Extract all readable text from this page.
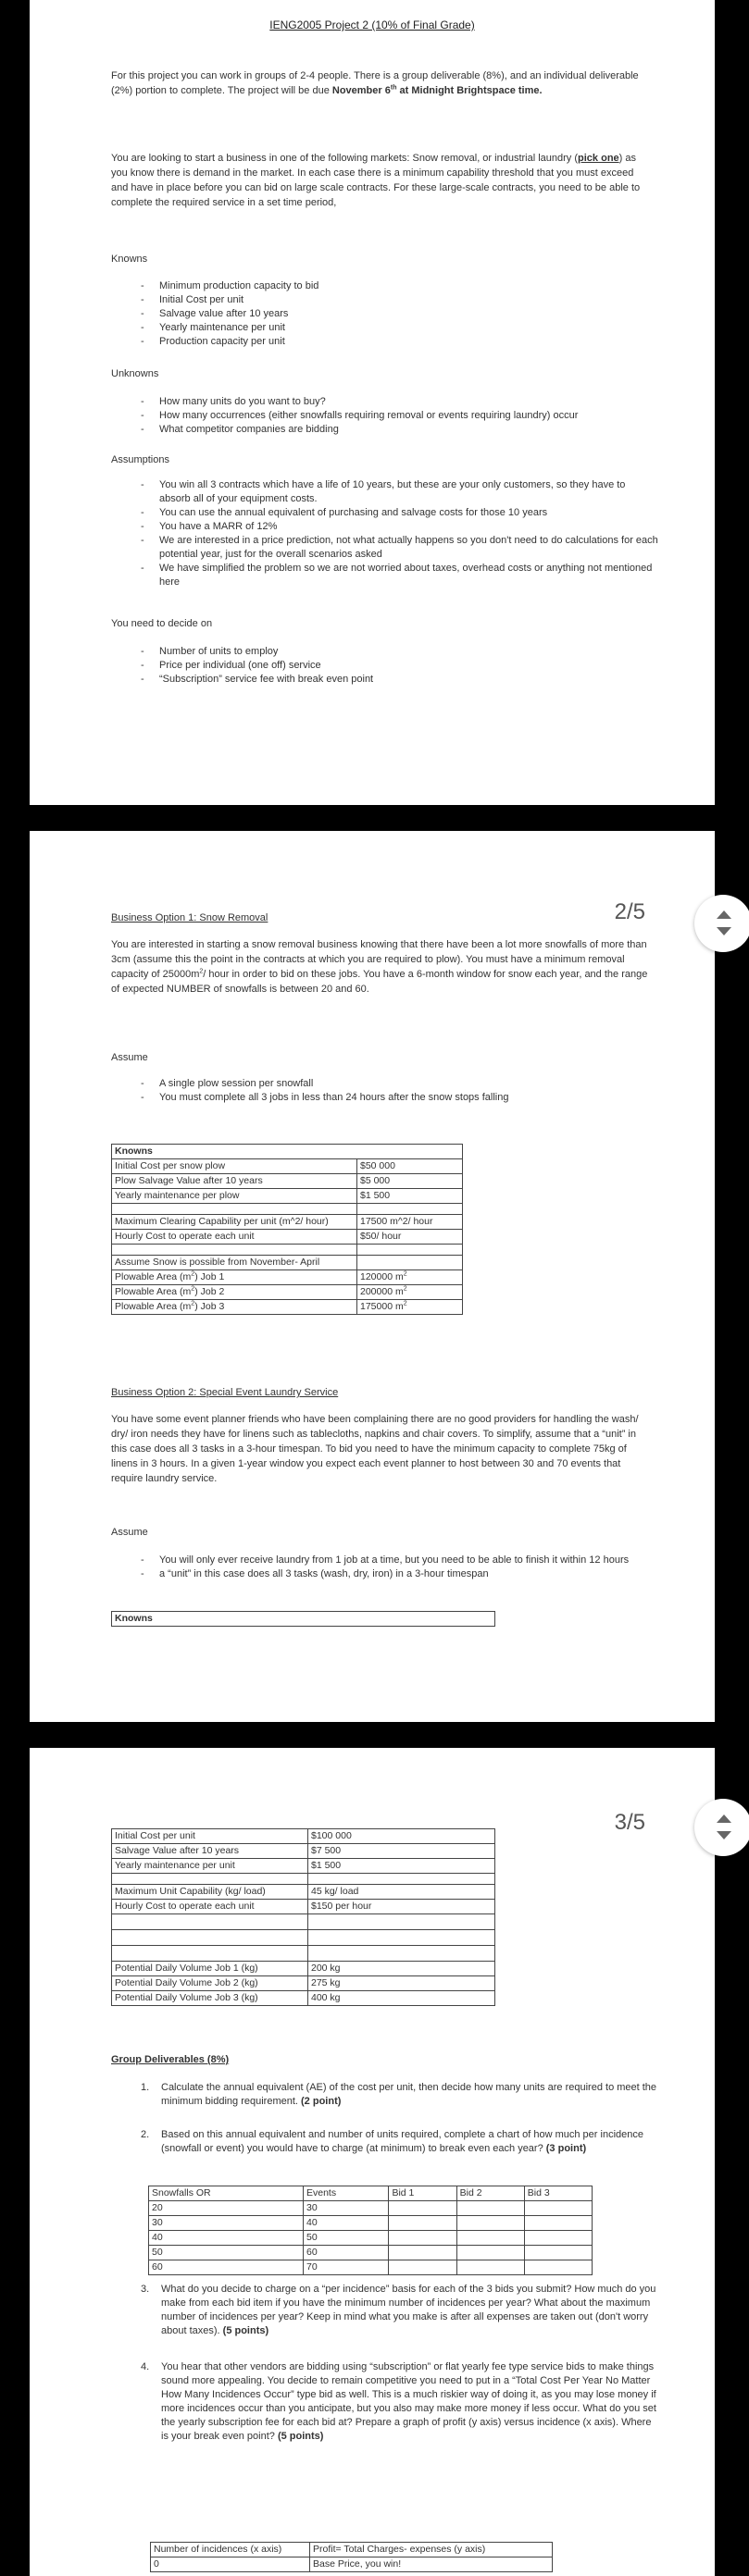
IENG2005 Project 2 (10% of Final Grade)
For this project you can work in groups of 2-4 people. There is a group deliverable (8%), and an individual deliverable (2%) portion to complete. The project will be due November 6th at Midnight Brightspace time.
You are looking to start a business in one of the following markets: Snow removal, or industrial laundry (pick one) as you know there is demand in the market. In each case there is a minimum capability threshold that you must exceed and have in place before you can bid on large scale contracts. For these large-scale contracts, you need to be able to complete the required service in a set time period,
Knowns
- Minimum production capacity to bid
- Initial Cost per unit
- Salvage value after 10 years
- Yearly maintenance per unit
- Production capacity per unit
Unknowns
- How many units do you want to buy?
- How many occurrences (either snowfalls requiring removal or events requiring laundry) occur
- What competitor companies are bidding
Assumptions
- You win all 3 contracts which have a life of 10 years, but these are your only customers, so they have to absorb all of your equipment costs.
- You can use the annual equivalent of purchasing and salvage costs for those 10 years
- You have a MARR of 12%
- We are interested in a price prediction, not what actually happens so you don't need to do calculations for each potential year, just for the overall scenarios asked
- We have simplified the problem so we are not worried about taxes, overhead costs or anything not mentioned here
You need to decide on
- Number of units to employ
- Price per individual (one off) service
- “Subscription” service fee with break even point
2/5
Business Option 1: Snow Removal
You are interested in starting a snow removal business knowing that there have been a lot more snowfalls of more than 3cm (assume this the point in the contracts at which you are required to plow). You must have a minimum removal capacity of $25000m^2/$ hour in order to bid on these jobs. You have a 6-month window for snow each year, and the range of expected NUMBER of snowfalls is between 20 and 60.
Assume
- A single plow session per snowfall
- You must complete all 3 jobs in less than 24 hours after the snow stops falling
Knowns	
Initial Cost per snow plow	$50 000
Plow Salvage Value after 10 years	$5 000
Yearly maintenance per plow	$1 500

Maximum Clearing Capability per unit (m^2/ hour)	17500 m^2/ hour
Hourly Cost to operate each unit	$50/ hour

Assume Snow is possible from November- April	
Plowable Area $(m^2)$ Job 1	120000 $m^2$
Plowable Area $(m^2)$ Job 2	200000 $m^2$
Plowable Area $(m^2)$ Job 3	175000 $m^2$
Business Option 2: Special Event Laundry Service
You have some event planner friends who have been complaining there are no good providers for handling the wash/ dry/ iron needs they have for linens such as tablecloths, napkins and chair covers. To simplify, assume that a “unit” in this case does all 3 tasks in a 3-hour timespan. To bid you need to have the minimum capacity to complete 75kg of linens in 3 hours. In a given 1-year window you expect each event planner to host between 30 and 70 events that require laundry service.
Assume
- You will only ever receive laundry from 1 job at a time, but you need to be able to finish it within 12 hours
- a “unit” in this case does all 3 tasks (wash, dry, iron) in a 3-hour timespan
Knowns
3/5
Initial Cost per unit	$100 000
Salvage Value after 10 years	$7 500
Yearly maintenance per unit	$1 500

Maximum Unit Capability (kg/ load)	45 kg/ load
Hourly Cost to operate each unit	$150 per hour

Potential Daily Volume Job 1 (kg)	200 kg
Potential Daily Volume Job 2 (kg)	275 kg
Potential Daily Volume Job 3 (kg)	400 kg
Group Deliverables (8%)
1. Calculate the annual equivalent (AE) of the cost per unit, then decide how many units are required to meet the minimum bidding requirement. (2 point)
2. Based on this annual equivalent and number of units required, complete a chart of how much per incidence (snowfall or event) you would have to charge (at minimum) to break even each year? (3 point)
Snowfalls OR	Events	Bid 1	Bid 2	Bid 3
20	30			
30	40			
40	50			
50	60			
60	70			
3. What do you decide to charge on a “per incidence” basis for each of the 3 bids you submit? How much do you make from each bid item if you have the minimum number of incidences per year? What about the maximum number of incidences per year? Keep in mind what you make is after all expenses are taken out (don't worry about taxes). (5 points)
4. You hear that other vendors are bidding using “subscription” or flat yearly fee type service bids to make things sound more appealing. You decide to remain competitive you need to put in a “Total Cost Per Year No Matter How Many Incidences Occur” type bid as well. This is a much riskier way of doing it, as you may lose money if more incidences occur than you anticipate, but you also may make more money if less occur. What do you set the yearly subscription fee for each bid at? Prepare a graph of profit (y axis) versus incidence (x axis). Where is your break even point? (5 points)
Number of incidences (x axis)	Profit= Total Charges- expenses (y axis)
0	Base Price, you win!
